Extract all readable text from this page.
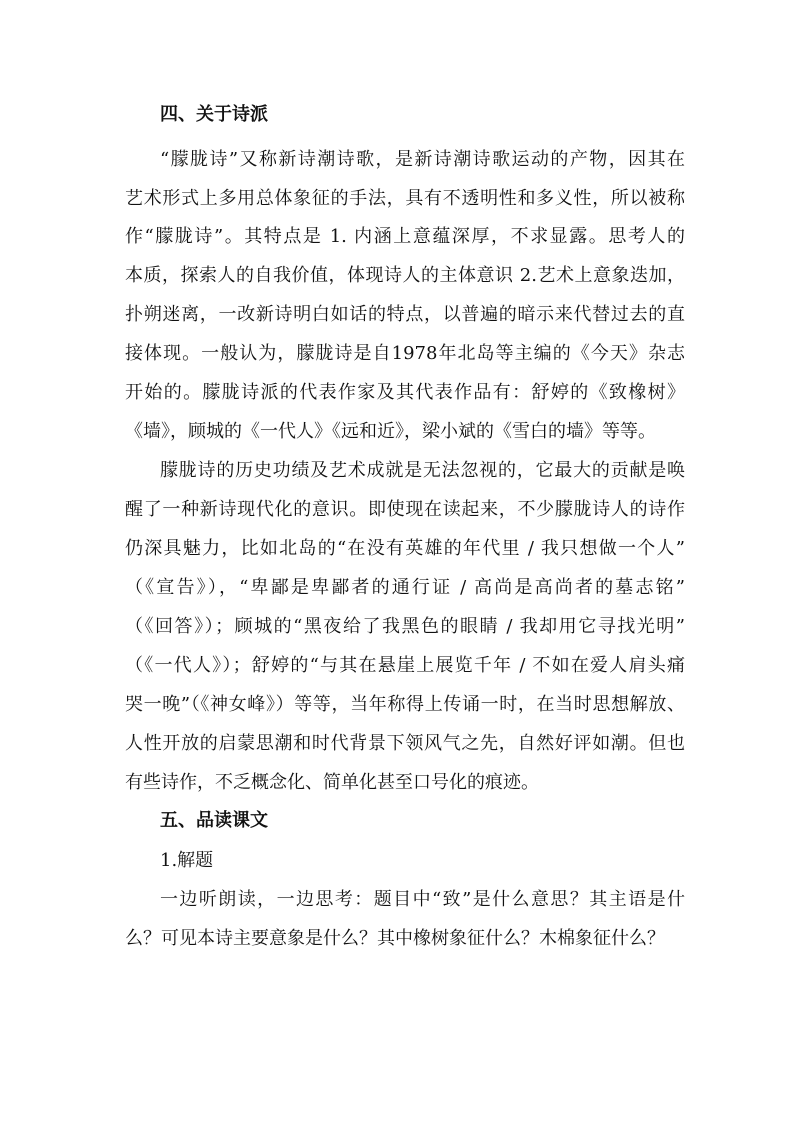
四、关于诗派
“朦胧诗”又称新诗潮诗歌，是新诗潮诗歌运动的产物，因其在
艺术形式上多用总体象征的手法，具有不透明性和多义性，所以被称
作“朦胧诗”。其特点是 1. 内涵上意蕴深厚，不求显露。思考人的
本质，探索人的自我价值，体现诗人的主体意识 2.艺术上意象迭加，
扑朔迷离，一改新诗明白如话的特点，以普遍的暗示来代替过去的直
接体现。一般认为，朦胧诗是自1978年北岛等主编的《今天》杂志
开始的。朦胧诗派的代表作家及其代表作品有：舒婷的《致橡树》
《墙》，顾城的《一代人》《远和近》，梁小斌的《雪白的墙》等等。
朦胧诗的历史功绩及艺术成就是无法忽视的，它最大的贡献是唤
醒了一种新诗现代化的意识。即使现在读起来，不少朦胧诗人的诗作
仍深具魅力，比如北岛的“在没有英雄的年代里 / 我只想做一个人”
（《宣告》），“卑鄙是卑鄙者的通行证 / 高尚是高尚者的墓志铭”
（《回答》）；顾城的“黑夜给了我黑色的眼睛 / 我却用它寻找光明”
（《一代人》）；舒婷的“与其在悬崖上展览千年 / 不如在爱人肩头痛
哭一晚”（《神女峰》）等等，当年称得上传诵一时，在当时思想解放、
人性开放的启蒙思潮和时代背景下领风气之先，自然好评如潮。但也
有些诗作，不乏概念化、简单化甚至口号化的痕迹。
五、品读课文
1.解题
一边听朗读，一边思考：题目中“致”是什么意思？其主语是什
么？可见本诗主要意象是什么？其中橡树象征什么？木棉象征什么？
